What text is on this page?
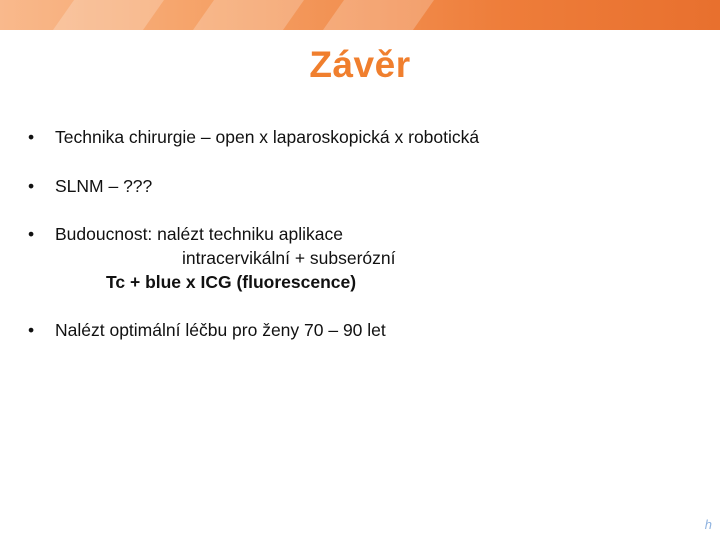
Závěr
• Technika chirurgie – open x laparoskopická x robotická
• SLNM – ???
• Budoucnost: nalézt techniku aplikace
intracervikální + subserózní
Tc + blue x ICG (fluorescence)
• Nalézt optimální léčbu pro ženy 70 – 90 let
h
